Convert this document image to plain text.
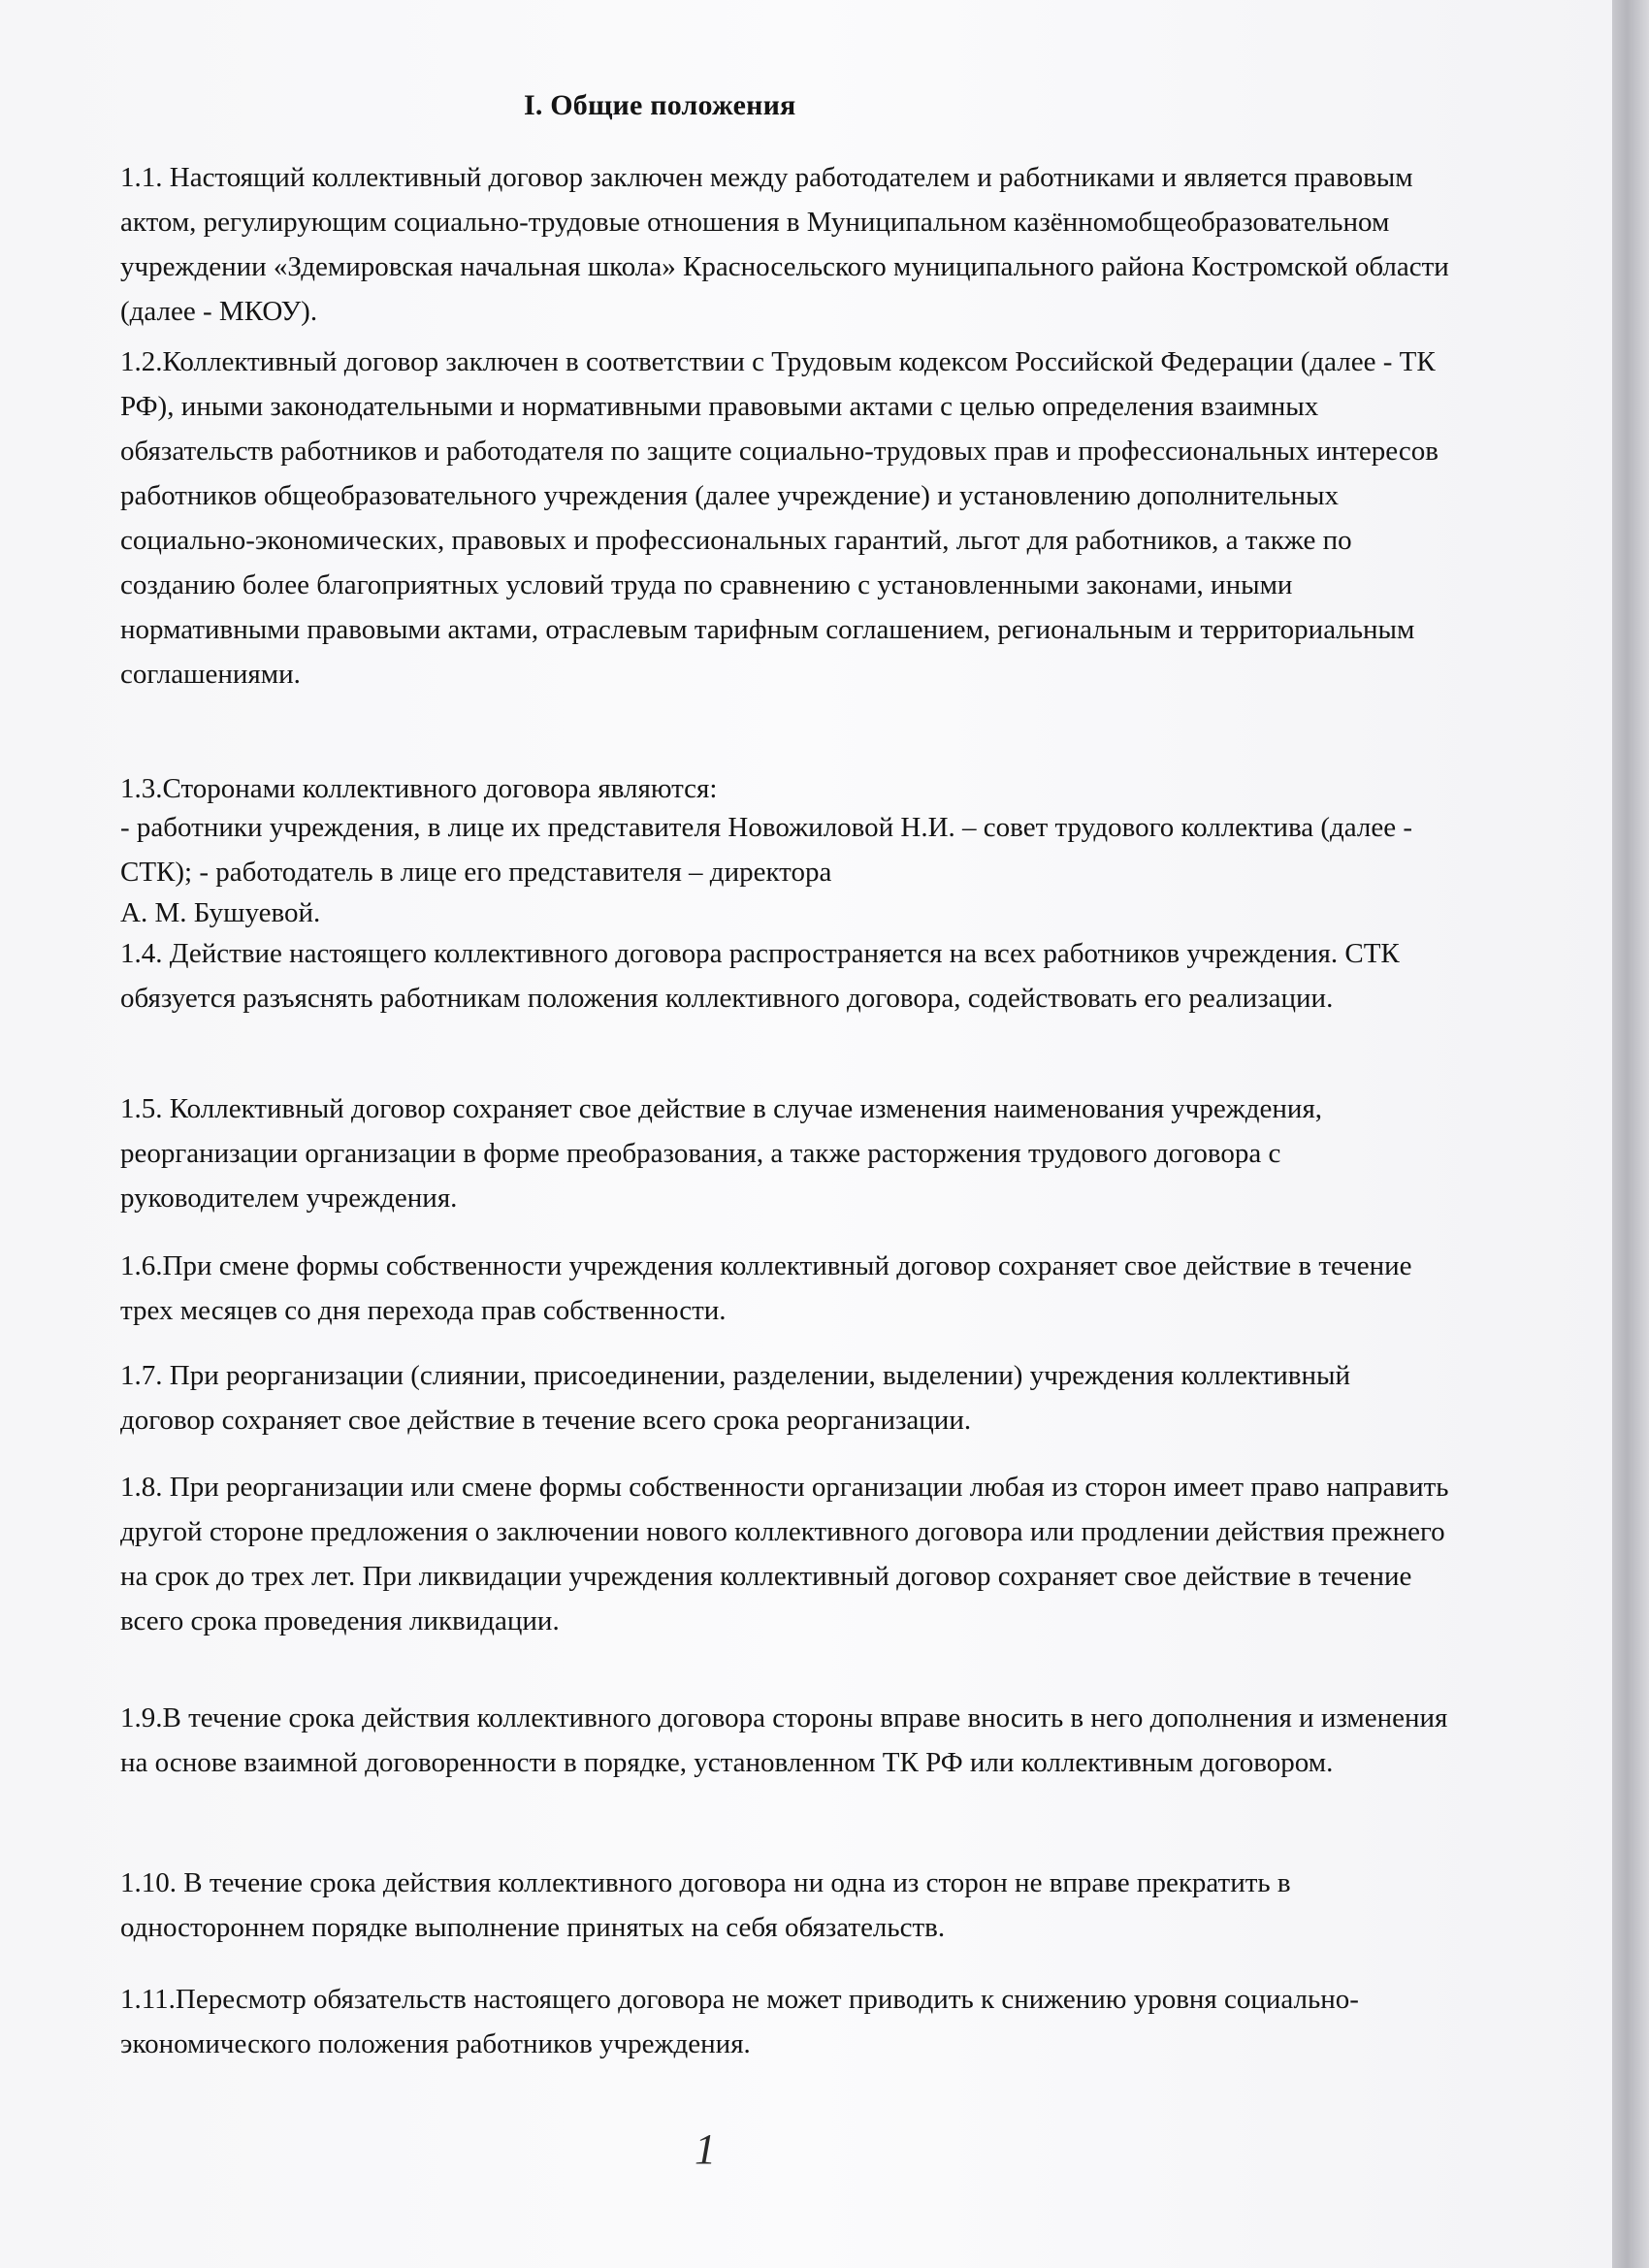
I. Общие положения

1.1. Настоящий коллективный договор заключен между работодателем и работниками и является правовым актом, регулирующим социально-трудовые отношения в Муниципальном казённомобщеобразовательном учреждении «Здемировская начальная школа» Красносельского муниципального района Костромской области (далее - МКОУ).

1.2.Коллективный договор заключен в соответствии с Трудовым кодексом Российской Федерации (далее - ТК РФ), иными законодательными и нормативными правовыми актами с целью определения взаимных обязательств работников и работодателя по защите социально-трудовых прав и профессиональных интересов работников общеобразовательного учреждения (далее учреждение) и установлению дополнительных социально-экономических, правовых и профессиональных гарантий, льгот для работников, а также по созданию более благоприятных условий труда по сравнению с установленными законами, иными нормативными правовыми актами, отраслевым тарифным соглашением, региональным и территориальным соглашениями.

1.3.Сторонами коллективного договора являются:

- работники учреждения, в лице их представителя Новожиловой Н.И. – совет трудового коллектива (далее - СТК); - работодатель в лице его представителя – директора

А. М. Бушуевой.

1.4. Действие настоящего коллективного договора распространяется на всех работников учреждения. СТК обязуется разъяснять работникам положения коллективного договора, содействовать его реализации.

1.5. Коллективный договор сохраняет свое действие в случае изменения наименования учреждения, реорганизации организации в форме преобразования, а также расторжения трудового договора с руководителем учреждения.

1.6.При смене формы собственности учреждения коллективный договор сохраняет свое действие в течение трех месяцев со дня перехода прав собственности.

1.7. При реорганизации (слиянии, присоединении, разделении, выделении) учреждения коллективный договор сохраняет свое действие в течение всего срока реорганизации.

1.8. При реорганизации или смене формы собственности организации любая из сторон имеет право направить другой стороне предложения о заключении нового коллективного договора или продлении действия прежнего на срок до трех лет. При ликвидации учреждения коллективный договор сохраняет свое действие в течение всего срока проведения ликвидации.

1.9.В течение срока действия коллективного договора стороны вправе вносить в него дополнения и изменения на основе взаимной договоренности в порядке, установленном ТК РФ или коллективным договором.

1.10. В течение срока действия коллективного договора ни одна из сторон не вправе прекратить в одностороннем порядке выполнение принятых на себя обязательств.

1.11.Пересмотр обязательств настоящего договора не может приводить к снижению уровня социально-экономического положения работников учреждения.

1
